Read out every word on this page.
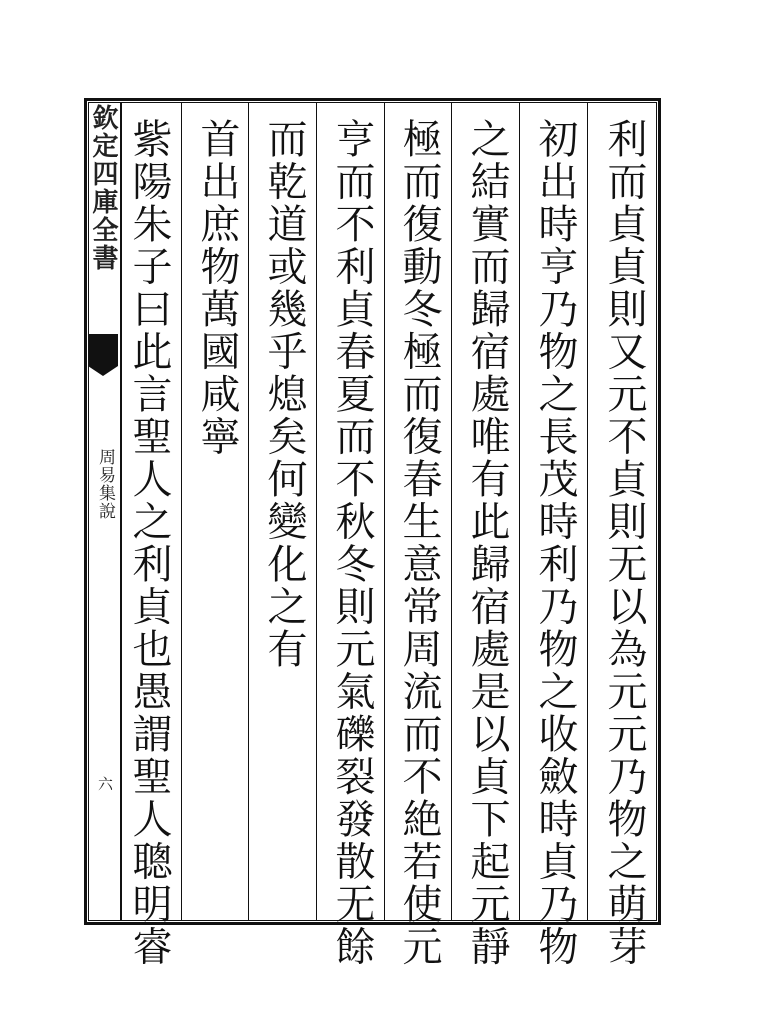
欽定四庫全書
周易集說
六	利而貞貞則又元不貞則无以為元元乃物之萌芽
初出時亨乃物之長茂時利乃物之收斂時貞乃物
之結實而歸宿處唯有此歸宿處是以貞下起元靜
極而復動冬極而復春生意常周流而不絶若使元
亨而不利貞春夏而不秋冬則元氣礫裂發散无餘
而乾道或幾乎熄矣何變化之有
首出庶物萬國咸寧
紫陽朱子曰此言聖人之利貞也愚謂聖人聰明睿
